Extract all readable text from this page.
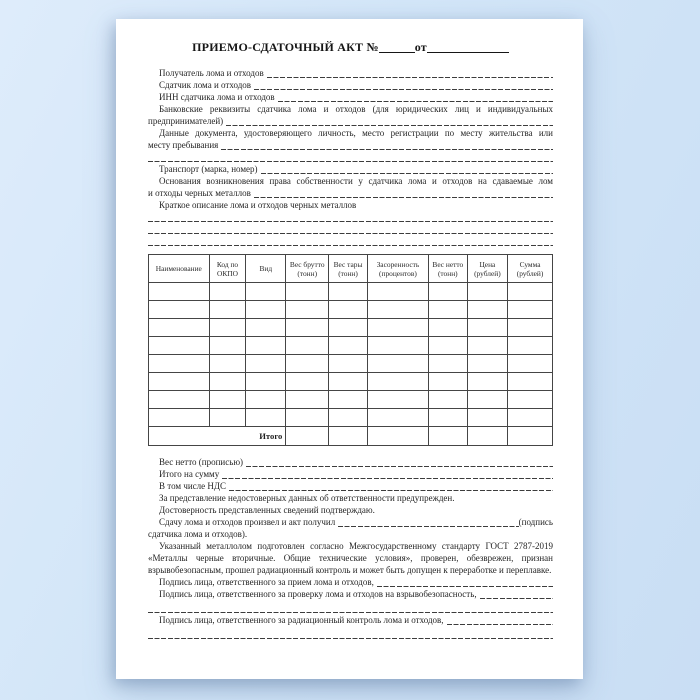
ПРИЕМО-СДАТОЧНЫЙ АКТ №	от
Получатель лома и отходов
Сдатчик лома и отходов
ИНН сдатчика лома и отходов
Банковские реквизиты сдатчика лома и отходов (для юридических лиц и индивидуальных
предпринимателей)
Данные документа, удостоверяющего личность, место регистрации по месту жительства или
месту пребывания
Транспорт (марка, номер)
Основания возникновения права собственности у сдатчика лома и отходов на сдаваемые лом
и отходы черных металлов
Краткое описание лома и отходов черных металлов
Наименование	Код по ОКПО	Вид	Вес брутто (тонн)	Вес тары (тонн)	Засоренность (процентов)	Вес нетто (тонн)	Цена (рублей)	Сумма (рублей)

Итого								
Вес нетто (прописью)
Итого на сумму
В том числе НДС
За представление недостоверных данных об ответственности предупрежден.
Достоверность представленных сведений подтверждаю.
Сдачу лома и отходов произвел и акт получил	(подпись
сдатчика лома и отходов).
Указанный металлолом подготовлен согласно Межгосударственному стандарту ГОСТ 2787-2019 «Металлы черные вторичные. Общие технические условия», проверен, обезврежен, признан взрывобезопасным, прошел радиационный контроль и может быть допущен к переработке и переплавке.
Подпись лица, ответственного за прием лома и отходов,
Подпись лица, ответственного за проверку лома и отходов на взрывобезопасность,
Подпись лица, ответственного за радиационный контроль лома и отходов,
